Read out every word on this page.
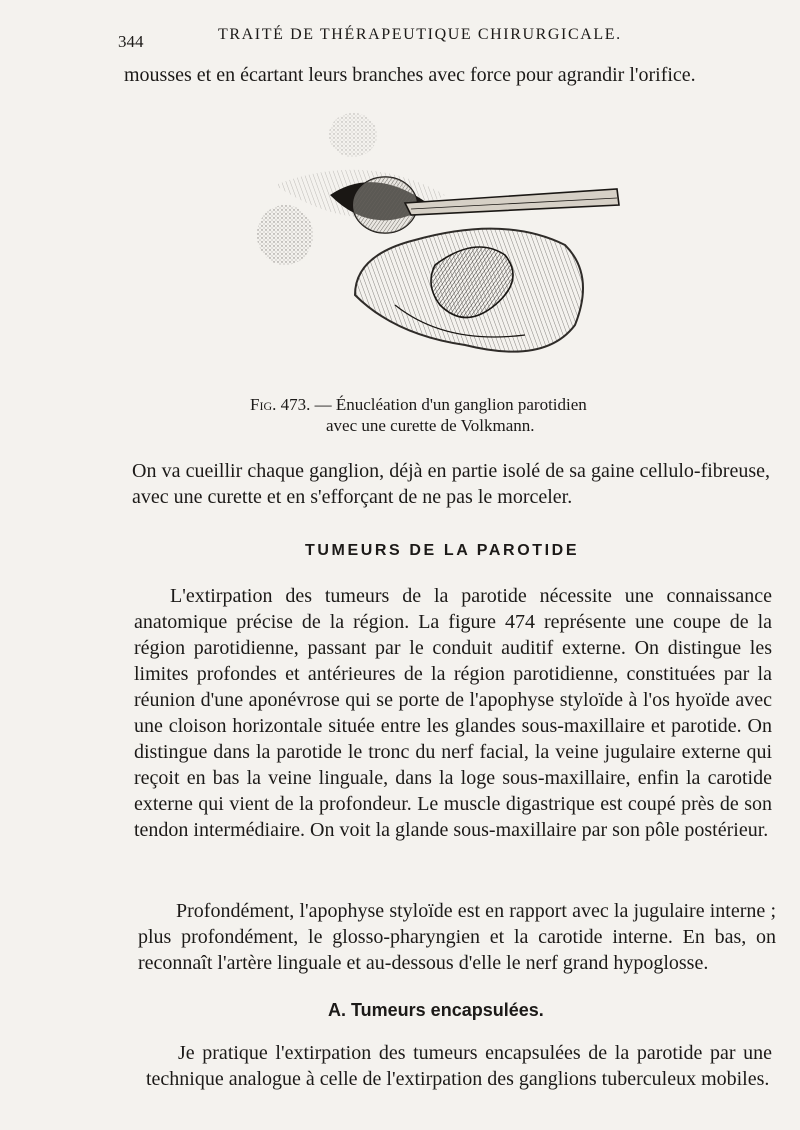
344	TRAITÉ DE THÉRAPEUTIQUE CHIRURGICALE.
mousses et en écartant leurs branches avec force pour agrandir l'orifice.
Fig. 473. — Énucléation d'un ganglion parotidien
avec une curette de Volkmann.
On va cueillir chaque ganglion, déjà en partie isolé de sa gaine cellulo-fibreuse, avec une curette et en s'efforçant de ne pas le morceler.
TUMEURS DE LA PAROTIDE
L'extirpation des tumeurs de la parotide nécessite une connaissance anatomique précise de la région. La figure 474 représente une coupe de la région parotidienne, passant par le conduit auditif externe. On distingue les limites profondes et antérieures de la région parotidienne, constituées par la réunion d'une aponévrose qui se porte de l'apophyse styloïde à l'os hyoïde avec une cloison horizontale située entre les glandes sous-maxillaire et parotide. On distingue dans la parotide le tronc du nerf facial, la veine jugulaire externe qui reçoit en bas la veine linguale, dans la loge sous-maxillaire, enfin la carotide externe qui vient de la profondeur. Le muscle digastrique est coupé près de son tendon intermédiaire. On voit la glande sous-maxillaire par son pôle postérieur.
Profondément, l'apophyse styloïde est en rapport avec la jugulaire interne ; plus profondément, le glosso-pharyngien et la carotide interne. En bas, on reconnaît l'artère linguale et au-dessous d'elle le nerf grand hypoglosse.
A. Tumeurs encapsulées.
Je pratique l'extirpation des tumeurs encapsulées de la parotide par une technique analogue à celle de l'extirpation des ganglions tuberculeux mobiles.
